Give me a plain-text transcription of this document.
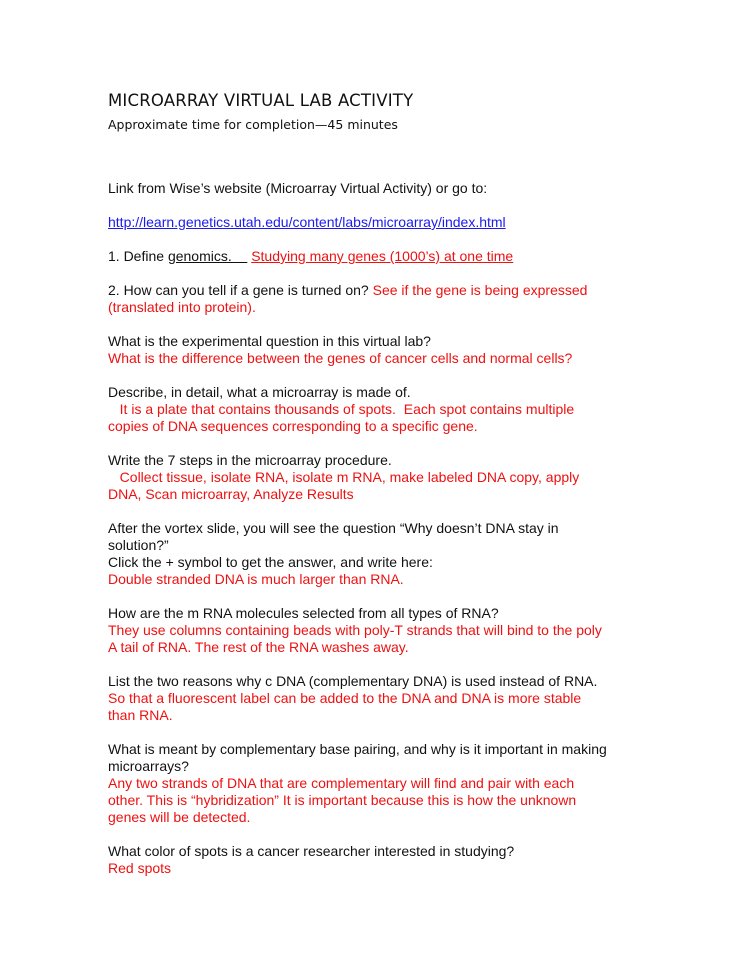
MICROARRAY VIRTUAL LAB ACTIVITY

Approximate time for completion—45 minutes

Link from Wise’s website (Microarray Virtual Activity) or go to:

http://learn.genetics.utah.edu/content/labs/microarray/index.html

1. Define genomics.     Studying many genes (1000’s) at one time

2. How can you tell if a gene is turned on? See if the gene is being expressed

(translated into protein).

What is the experimental question in this virtual lab?

What is the difference between the genes of cancer cells and normal cells?

Describe, in detail, what a microarray is made of.

It is a plate that contains thousands of spots.  Each spot contains multiple

copies of DNA sequences corresponding to a specific gene.

Write the 7 steps in the microarray procedure.

Collect tissue, isolate RNA, isolate m RNA, make labeled DNA copy, apply

DNA, Scan microarray, Analyze Results

After the vortex slide, you will see the question “Why doesn’t DNA stay in

solution?”

Click the + symbol to get the answer, and write here:

Double stranded DNA is much larger than RNA.

How are the m RNA molecules selected from all types of RNA?

They use columns containing beads with poly-T strands that will bind to the poly

A tail of RNA. The rest of the RNA washes away.

List the two reasons why c DNA (complementary DNA) is used instead of RNA.

So that a fluorescent label can be added to the DNA and DNA is more stable

than RNA.

What is meant by complementary base pairing, and why is it important in making

microarrays?

Any two strands of DNA that are complementary will find and pair with each

other. This is “hybridization” It is important because this is how the unknown

genes will be detected.

What color of spots is a cancer researcher interested in studying?

Red spots
